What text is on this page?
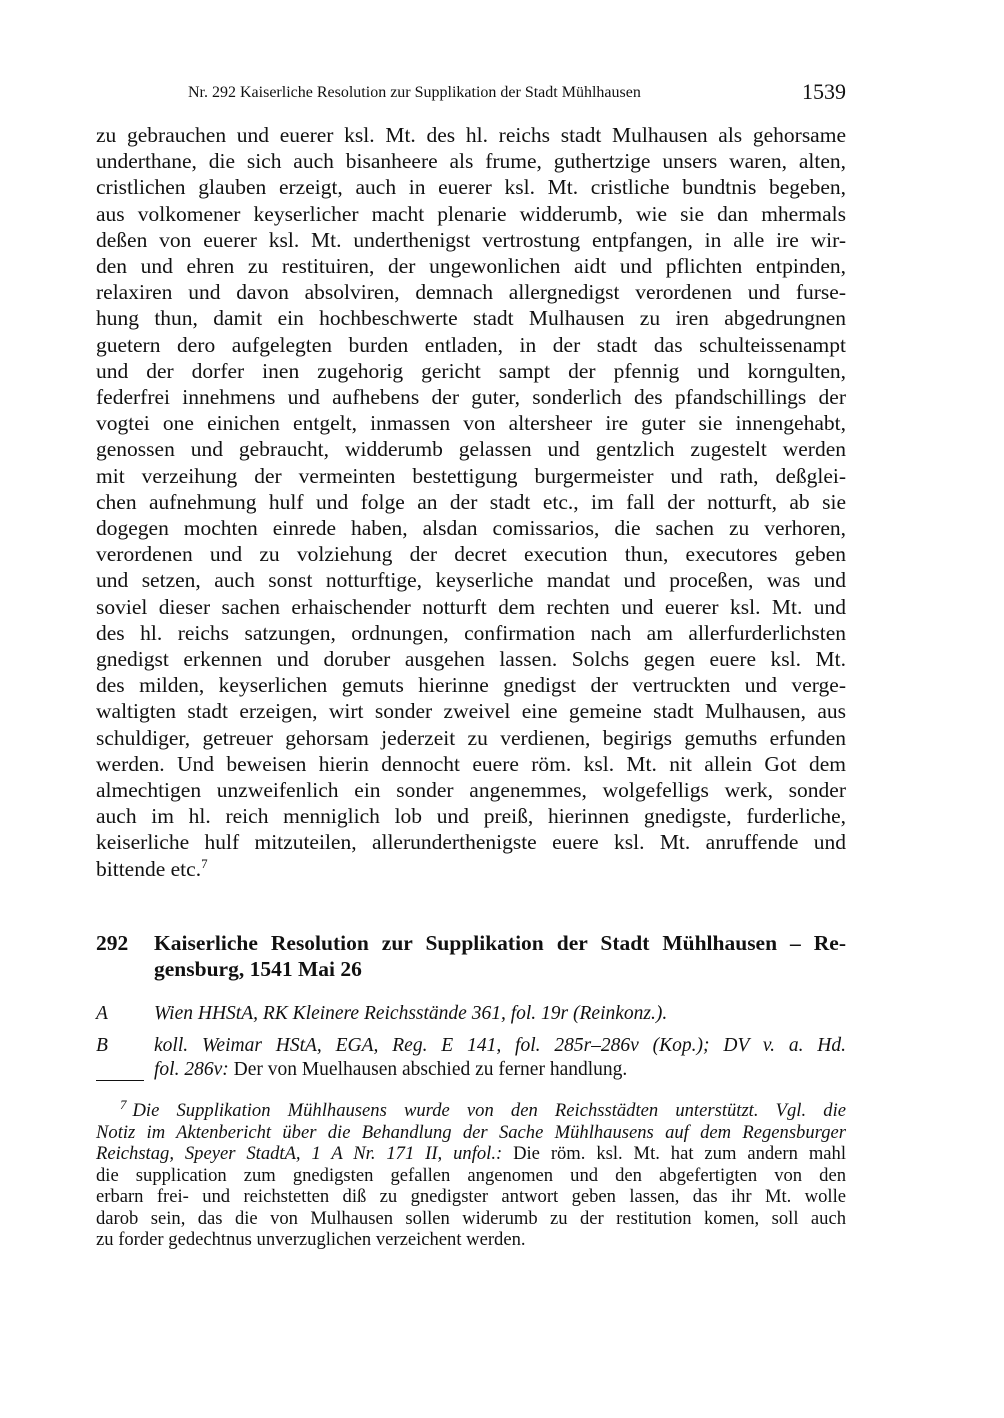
Nr. 292 Kaiserliche Resolution zur Supplikation der Stadt Mühlhausen	1539
zu gebrauchen und euerer ksl. Mt. des hl. reichs stadt Mulhausen als gehorsame
underthane, die sich auch bisanheere als frume, guthertzige unsers waren, alten,
cristlichen glauben erzeigt, auch in euerer ksl. Mt. cristliche bundtnis begeben,
aus volkomener keyserlicher macht plenarie widderumb, wie sie dan mhermals
deßen von euerer ksl. Mt. underthenigst vertrostung entpfangen, in alle ire wir-
den und ehren zu restituiren, der ungewonlichen aidt und pflichten entpinden,
relaxiren und davon absolviren, demnach allergnedigst verordenen und furse-
hung thun, damit ein hochbeschwerte stadt Mulhausen zu iren abgedrungnen
guetern dero aufgelegten burden entladen, in der stadt das schulteissenampt
und der dorfer inen zugehorig gericht sampt der pfennig und korngulten,
federfrei innehmens und aufhebens der guter, sonderlich des pfandschillings der
vogtei one einichen entgelt, inmassen von altersheer ire guter sie innengehabt,
genossen und gebraucht, widderumb gelassen und gentzlich zugestelt werden
mit verzeihung der vermeinten bestettigung burgermeister und rath, deßglei-
chen aufnehmung hulf und folge an der stadt etc., im fall der notturft, ab sie
dogegen mochten einrede haben, alsdan comissarios, die sachen zu verhoren,
verordenen und zu volziehung der decret execution thun, executores geben
und setzen, auch sonst notturftige, keyserliche mandat und proceßen, was und
soviel dieser sachen erhaischender notturft dem rechten und euerer ksl. Mt. und
des hl. reichs satzungen, ordnungen, confirmation nach am allerfurderlichsten
gnedigst erkennen und doruber ausgehen lassen. Solchs gegen euere ksl. Mt.
des milden, keyserlichen gemuts hierinne gnedigst der vertruckten und verge-
waltigten stadt erzeigen, wirt sonder zweivel eine gemeine stadt Mulhausen, aus
schuldiger, getreuer gehorsam jederzeit zu verdienen, begirigs gemuths erfunden
werden. Und beweisen hierin dennocht euere röm. ksl. Mt. nit allein Got dem
almechtigen unzweifenlich ein sonder angenemmes, wolgefelligs werk, sonder
auch im hl. reich menniglich lob und preiß, hierinnen gnedigste, furderliche,
keiserliche hulf mitzuteilen, allerunderthenigste euere ksl. Mt. anruffende und
bittende etc.$^7$
292 Kaiserliche Resolution zur Supplikation der Stadt Mühlhausen – Re-
gensburg, 1541 Mai 26
A Wien HHStA, RK Kleinere Reichsstände 361, fol. 19r (Reinkonz.).
B koll. Weimar HStA, EGA, Reg. E 141, fol. 285r–286v (Kop.); DV v. a. Hd.
fol. 286v: Der von Muelhausen abschied zu ferner handlung.
$^7$ Die Supplikation Mühlhausens wurde von den Reichsstädten unterstützt. Vgl. die
Notiz im Aktenbericht über die Behandlung der Sache Mühlhausens auf dem Regensburger
Reichstag, Speyer StadtA, 1 A Nr. 171 II, unfol.: Die röm. ksl. Mt. hat zum andern mahl
die supplication zum gnedigsten gefallen angenomen und den abgefertigten von den
erbarn frei- und reichstetten diß zu gnedigster antwort geben lassen, das ihr Mt. wolle
darob sein, das die von Mulhausen sollen widerumb zu der restitution komen, soll auch
zu forder gedechtnus unverzuglichen verzeichent werden.
